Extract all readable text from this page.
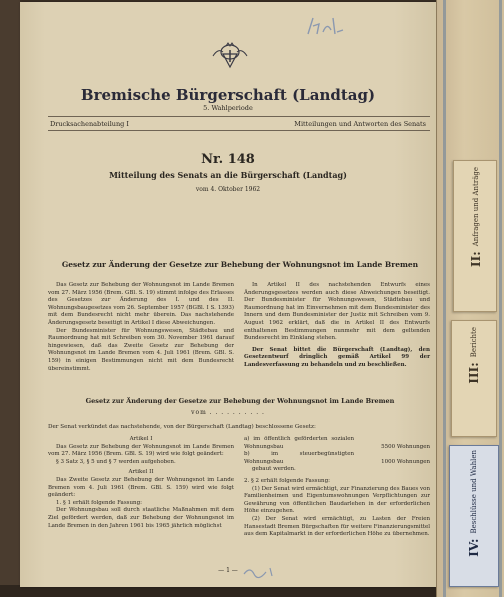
Bremische Bürgerschaft (Landtag)
5. Wahlperiode
Drucksachenabteilung I	Mitteilungen und Antworten des Senats
Nr. 148
Mitteilung des Senats an die Bürgerschaft (Landtag)
vom 4. Oktober 1962
Gesetz zur Änderung der Gesetze zur Behebung der Wohnungsnot im Lande Bremen

Das Gesetz zur Behebung der Wohnungsnot im Lande Bremen vom 27. März 1956 (Brem. GBl. S. 19) stimmt infolge des Erlasses des Gesetzes zur Änderung des I. und des II. Wohnungsbaugesetzes vom 26. September 1957 (BGBl. I S. 1393) mit dem Bundesrecht nicht mehr überein. Das nachstehende Änderungsgesetz beseitigt in Artikel I diese Abweichungen.

Der Bundesminister für Wohnungswesen, Städtebau und Raumordnung hat mit Schreiben vom 30. November 1961 darauf hingewiesen, daß das Zweite Gesetz zur Behebung der Wohnungsnot im Lande Bremen vom 4. Juli 1961 (Brem. GBl. S. 159) in einigen Bestimmungen nicht mit dem Bundesrecht übereinstimmt.

In Artikel II des nachstehenden Entwurfs eines Änderungsgesetzes werden auch diese Abweichungen beseitigt. Der Bundesminister für Wohnungswesen, Städtebau und Raumordnung hat im Einvernehmen mit dem Bundesminister des Innern und dem Bundesminister der Justiz mit Schreiben vom 9. August 1962 erklärt, daß die in Artikel II des Entwurfs enthaltenen Bestimmungen nunmehr mit dem geltenden Bundesrecht im Einklang stehen.

Der Senat bittet die Bürgerschaft (Landtag), den Gesetzentwurf dringlich gemäß Artikel 99 der Landesverfassung zu behandeln und zu beschließen.

Gesetz zur Änderung der Gesetze zur Behebung der Wohnungsnot im Lande Bremen
vom . . . . . . . . . .
Der Senat verkündet das nachstehende, von der Bürgerschaft (Landtag) beschlossene Gesetz:
Artikel I

Das Gesetz zur Behebung der Wohnungsnot im Lande Bremen vom 27. März 1956 (Brem. GBl. S. 19) wird wie folgt geändert:

§ 3 Satz 3, § 5 und § 7 werden aufgehoben.

Artikel II

Das Zweite Gesetz zur Behebung der Wohnungsnot im Lande Bremen vom 4. Juli 1961 (Brem. GBl. S. 159) wird wie folgt geändert:

1. § 1 erhält folgende Fassung:

Der Wohnungsbau soll durch staatliche Maßnahmen mit dem Ziel gefördert werden, daß zur Behebung der Wohnungsnot im Lande Bremen in den Jahren 1961 bis 1965 jährlich möglichst

a) im öffentlich geförderten sozialen Wohnungsbau	5500 Wohnungen
b) im steuerbegünstigten Wohnungsbau	1000 Wohnungen
gebaut werden.
2. § 2 erhält folgende Fassung:

(1) Der Senat wird ermächtigt, zur Finanzierung des Baues von Familienheimen und Eigentumswohnungen Verpflichtungen zur Gewährung von öffentlichen Baudarlehen in der erforderlichen Höhe einzugehen.

(2) Der Senat wird ermächtigt, zu Lasten der Freien Hansestadt Bremen Bürgschaften für weitere Finanzierungsmittel aus dem Kapitalmarkt in der erforderlichen Höhe zu übernehmen.

— 1 —
II: Anfragen und Anträge
III: Berichte
IV: Beschlüsse und Wahlen
